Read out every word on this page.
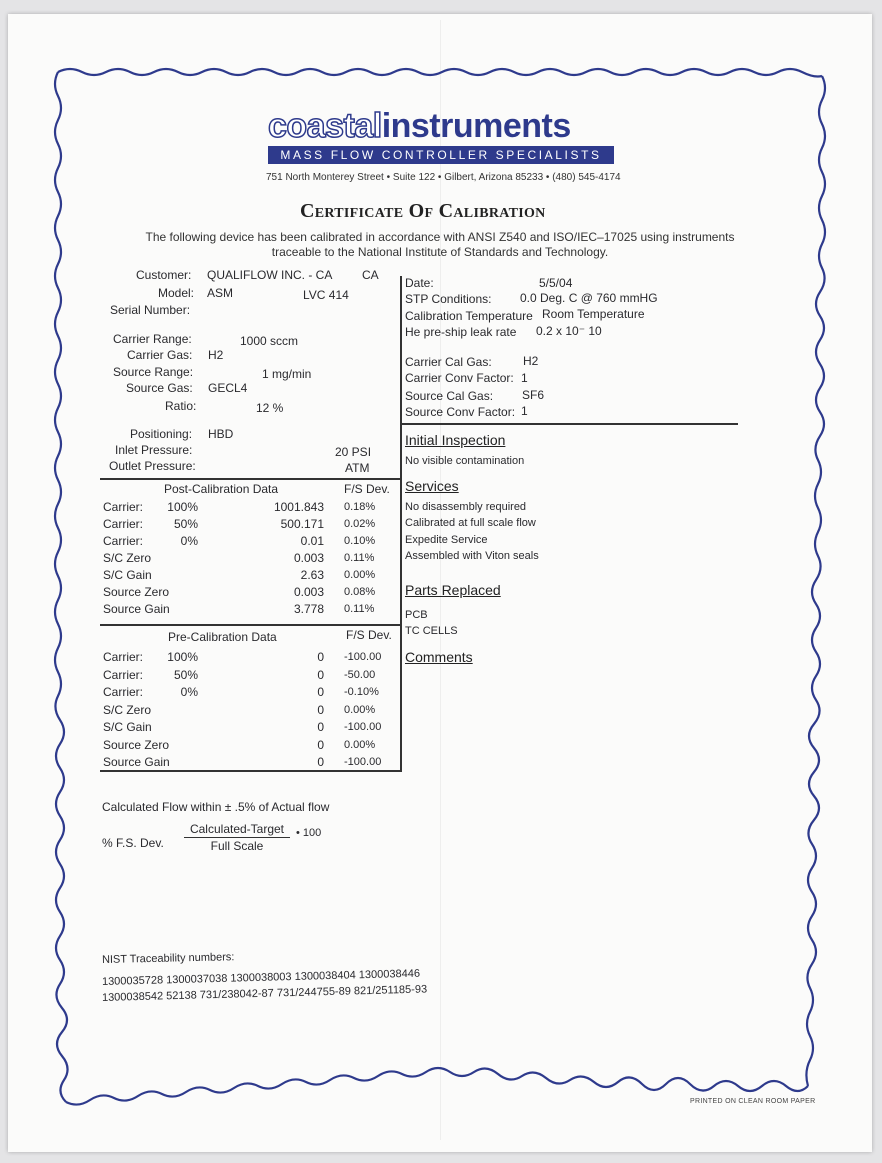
coastalinstruments
MASS FLOW CONTROLLER SPECIALISTS
751 North Monterey Street • Suite 122 • Gilbert, Arizona 85233 • (480) 545-4174
Certificate Of Calibration
The following device has been calibrated in accordance with ANSI Z540 and ISO/IEC–17025 using instruments traceable to the National Institute of Standards and Technology.
Customer: QUALIFLOW INC. - CA CA
Model: ASM	LVC 414
Serial Number:
Carrier Range:	1000 sccm
Carrier Gas: H2
Source Range:	1 mg/min
Source Gas: GECL4
Ratio:	12 %
Positioning: HBD
Inlet Pressure:	20 PSI
Outlet Pressure:	ATM
Date:	5/5/04
STP Conditions: 0.0 Deg. C @ 760 mmHG
Calibration Temperature Room Temperature
He pre-ship leak rate 0.2 x 10⁻ 10
Carrier Cal Gas:	H2
Carrier Conv Factor: 1
Source Cal Gas: SF6
Source Conv Factor: 1
Post-Calibration Data	F/S Dev.
Carrier: 100%	1001.843 0.18%
Carrier:	50%	500.171 0.02%
Carrier:	0%	0.01 0.10%
S/C Zero	0.003 0.11%
S/C Gain	2.63 0.00%
Source Zero	0.003 0.08%
Source Gain	3.778 0.11%
Pre-Calibration Data	F/S Dev.
Carrier: 100%	0 -100.00
Carrier:	50%	0 -50.00
Carrier:	0%	0 -0.10%
S/C Zero	0 0.00%
S/C Gain	0 -100.00
Source Zero	0 0.00%
Source Gain	0 -100.00
Initial Inspection
No visible contamination
Services
No disassembly required
Calibrated at full scale flow
Expedite Service
Assembled with Viton seals
Parts Replaced
PCB
TC CELLS
Comments
Calculated Flow within ± .5% of Actual flow
% F.S. Dev.
Calculated-Target
Full Scale
• 100
NIST Traceability numbers:
1300035728 1300037038 1300038003 1300038404 1300038446
1300038542 52138 731/238042-87 731/244755-89 821/251185-93
PRINTED ON CLEAN ROOM PAPER
